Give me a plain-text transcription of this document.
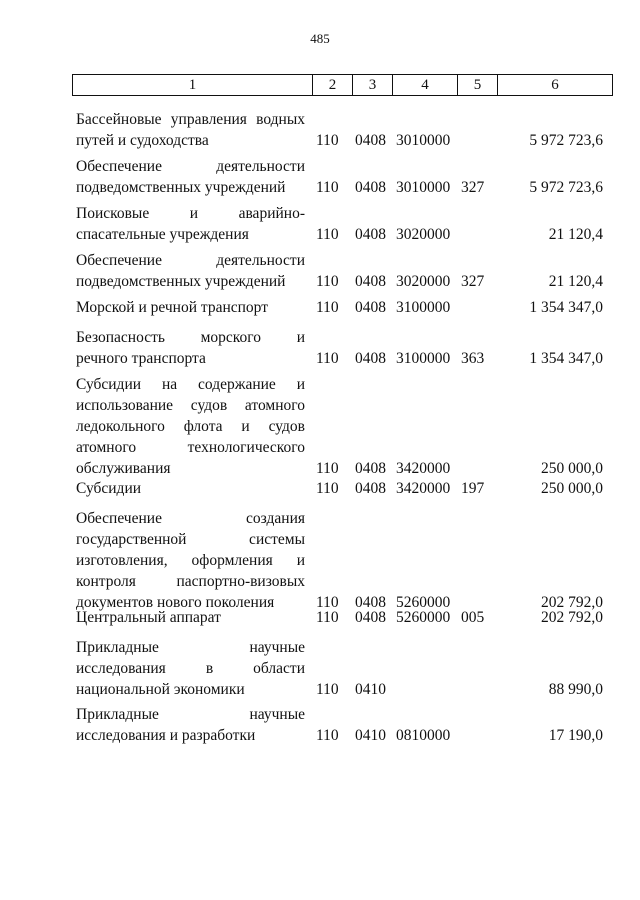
485
1	2	3	4	5	6
Бассейновые управления водных
путей и судоходства	110 0408 3010000	5 972 723,6
Обеспечение деятельности
подведомственных учреждений	110 0408 3010000 327	5 972 723,6
Поисковые и аварийно-
спасательные учреждения	110 0408 3020000	21 120,4
Обеспечение деятельности
подведомственных учреждений	110 0408 3020000 327	21 120,4
Морской и речной транспорт	110 0408 3100000	1 354 347,0
Безопасность морского и
речного транспорта	110 0408 3100000 363	1 354 347,0
Субсидии на содержание и
использование судов атомного
ледокольного флота и судов
атомного технологического
обслуживания	110 0408 3420000	250 000,0
Субсидии	110 0408 3420000 197	250 000,0
Обеспечение создания
государственной системы
изготовления, оформления и
контроля паспортно-визовых
документов нового поколения	110 0408 5260000	202 792,0
Центральный аппарат	110 0408 5260000 005	202 792,0
Прикладные научные
исследования в области
национальной экономики	110 0410	88 990,0
Прикладные научные
исследования и разработки	110 0410 0810000	17 190,0
